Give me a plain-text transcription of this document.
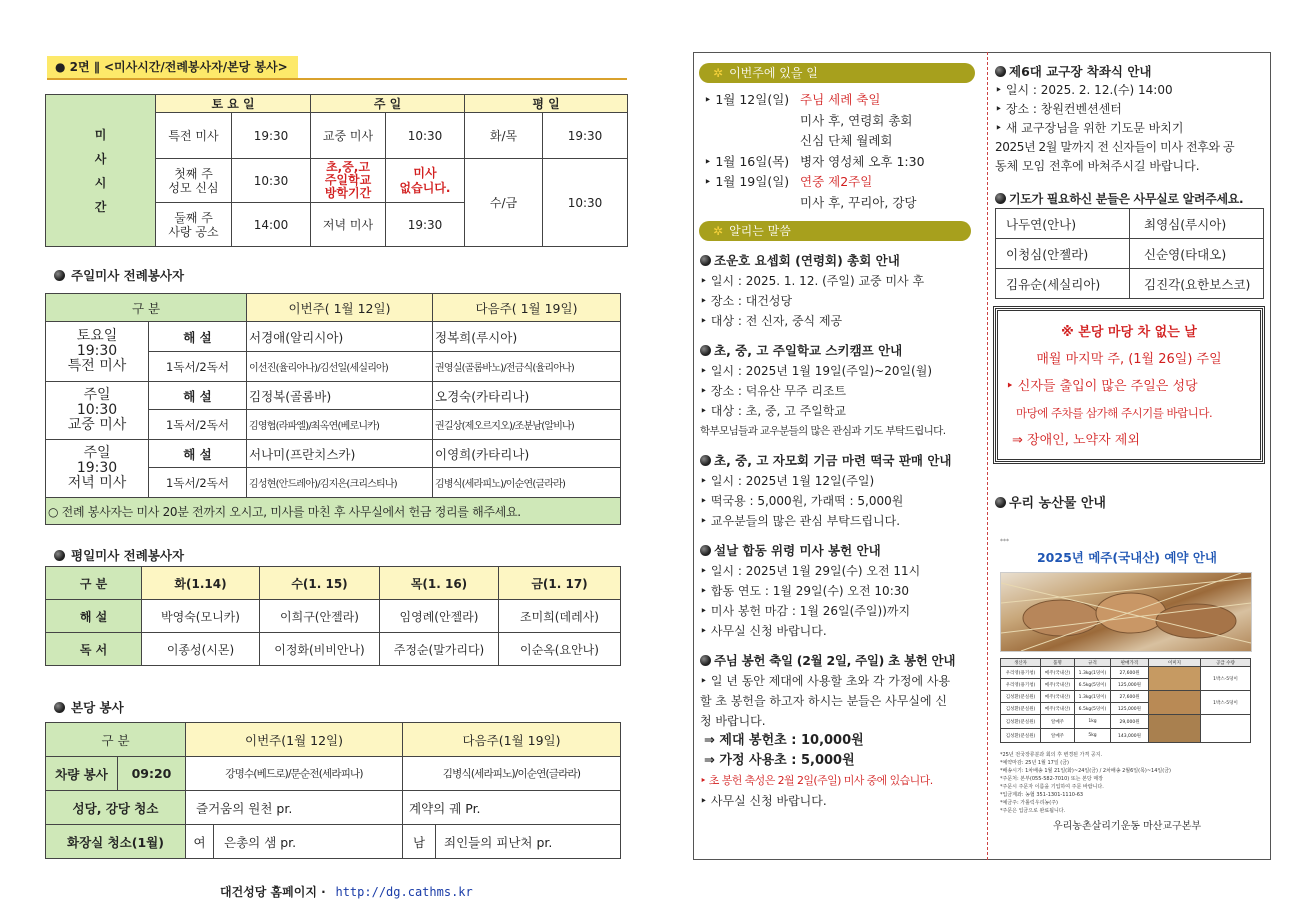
● 2면 ∥ <미사시간/전례봉사자/본당 봉사>
미
사
시
간	토 요 일		주 일		평 일	
	특전 미사	19:30	교중 미사	10:30	화/목	19:30
	첫째 주
성모 신심	10:30	초,중,고
주일학교
방학기간	미사
없습니다.	수/금	10:30
	둘째 주
사랑 공소	14:00	저녁 미사	19:30		
주일미사 전례봉사자
구 분		이번주( 1월 12일)	다음주( 1월 19일)
토요일
19:30
특전 미사	해 설	서경애(알리시아)	정복희(루시아)
	1독서/2독서	이선진(율리아나)/김선일(세실리아)	권영실(골롬바노)/전금식(율리아나)
주일
10:30
교중 미사	해 설	김정복(골롬바)	오경숙(카타리나)
	1독서/2독서	김영협(라파엘)/최옥연(베로니카)	권길상(제오르지오)/조분남(알비나)
주일
19:30
저녁 미사	해 설	서나미(프란치스카)	이영희(카타리나)
	1독서/2독서	김성현(안드레아)/김지은(크리스티나)	김병식(세라피노)/이순연(글라라)
○ 전례 봉사자는 미사 20분 전까지 오시고, 미사를 마친 후 사무실에서 헌금 정리를 해주세요.			
평일미사 전례봉사자
구 분	화(1.14)	수(1. 15)	목(1. 16)	금(1. 17)
해 설	박영숙(모니카)	이희구(안젤라)	임영례(안젤라)	조미희(데레사)
독 서	이종성(시몬)	이정화(비비안나)	주정순(말가리다)	이순옥(요안나)
본당 봉사
구 분		이번주(1월 12일)		다음주(1월 19일)	
차량 봉사	09:20	강명수(베드로)/문순전(세라피나)		김병식(세라피노)/이순연(글라라)	
성당, 강당 청소		즐거움의 원천 pr.		계약의 궤 Pr.	
화장실 청소(1월)		여	은총의 샘 pr.	남	죄인들의 피난처 pr.
대건성당 홈페이지 · http://dg.cathms.kr
✲ 이번주에 있을 일
‣ 1월 12일(일) 주님 세례 축일
미사 후, 연령회 총회
신심 단체 월례회
‣ 1월 16일(목) 병자 영성체 오후 1:30
‣ 1월 19일(일) 연중 제2주일
미사 후, 꾸리아, 강당
✲ 알리는 말씀
조운호 요셉회 (연령회) 총회 안내
‣ 일시 : 2025. 1. 12. (주일) 교중 미사 후
‣ 장소 : 대건성당
‣ 대상 : 전 신자, 중식 제공
초, 중, 고 주일학교 스키캠프 안내
‣ 일시 : 2025년 1월 19일(주일)~20일(월)
‣ 장소 : 덕유산 무주 리조트
‣ 대상 : 초, 중, 고 주일학교
학부모님들과 교우분들의 많은 관심과 기도 부탁드립니다.
초, 중, 고 자모회 기금 마련 떡국 판매 안내
‣ 일시 : 2025년 1월 12일(주일)
‣ 떡국용 : 5,000원, 가래떡 : 5,000원
‣ 교우분들의 많은 관심 부탁드립니다.
설날 합동 위령 미사 봉헌 안내
‣ 일시 : 2025년 1월 29일(수) 오전 11시
‣ 합동 연도 : 1월 29일(수) 오전 10:30
‣ 미사 봉헌 마감 : 1월 26일(주일))까지
‣ 사무실 신청 바랍니다.
주님 봉헌 축일 (2월 2일, 주일) 초 봉헌 안내
‣ 일 년 동안 제대에 사용할 초와 각 가정에 사용
할 초 봉헌을 하고자 하시는 분들은 사무실에 신
청 바랍니다.
⇒ 제대 봉헌초 : 10,000원
⇒ 가정 사용초 : 5,000원
‣ 초 봉헌 축성은 2월 2일(주일) 미사 중에 있습니다.
‣ 사무실 신청 바랍니다.
제6대 교구장 착좌식 안내
‣ 일시 : 2025. 2. 12.(수) 14:00
‣ 장소 : 창원컨벤션센터
‣ 새 교구장님을 위한 기도문 바치기
2025년 2월 말까지 전 신자들이 미사 전후와 공
동체 모임 전후에 바쳐주시길 바랍니다.
기도가 필요하신 분들은 사무실로 알려주세요.
나두연(안나)	최영심(루시아)
이청심(안젤라)	신순영(타대오)
김유순(세실리아)	김진각(요한보스코)
※ 본당 마당 차 없는 날
매월 마지막 주, (1월 26일) 주일
‣ 신자들 출입이 많은 주일은 성당
마당에 주차를 삼가해 주시기를 바랍니다.
⇒ 장애인, 노약자 제외
우리 농산물 안내
***
2025년 메주(국내산) 예약 안내
생산자	품명	규격	판매가격	이미지	공급 수량
우리영(용기청)	메주(국내산)	1.3kg(1덩이)	27,600원		1박스-5덩이
우리영(용기청)	메주(국내산)	6.5kg(5덩이)	125,000원		
김성환(분실원)	메주(국내산)	1.3kg(1덩이)	27,600원		1박스-5덩이
김성환(분실원)	메주(국내산)	6.5kg(5덩이)	125,000원		
김성환(분실원)	알메주	1kg	29,000원		
김성환(분실원)	알메주	5kg	143,000원		
*25년 전국장류분과 회의 후 변경된 가격 공지.
*예약마감: 25년 1월 17일 (금)
*배송시기: 1차배송 1월 21일(화)~24일(금) / 2차배송 2월6일(목)~14일(금)
*주문처: 본부(055-582-7010) 또는 본당 매장
*주문시 주문자 이름을 기입하여 주문 바랍니다.
*입금계좌: 농협 351-1301-1110-63
*예금주: 가톨릭우리농(주)
*주문은 입금으로 완료됩니다.
우리농촌살리기운동 마산교구본부
